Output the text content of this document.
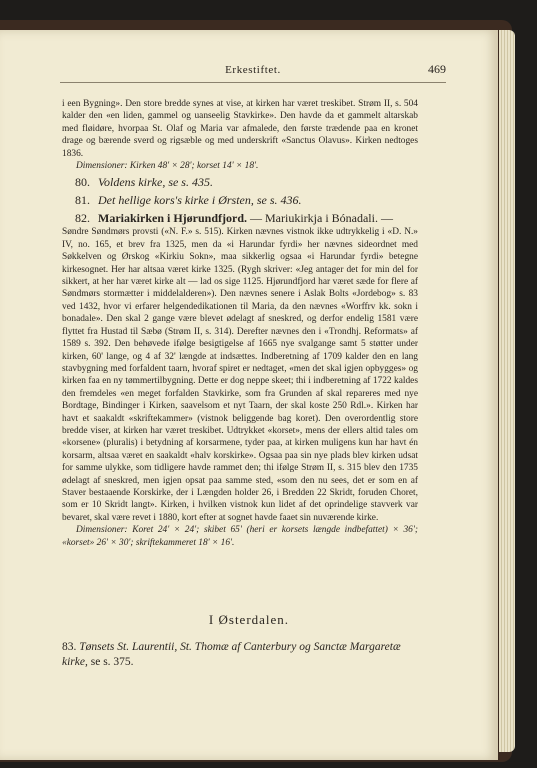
Erkestiftet.	469

i een Bygning». Den store bredde synes at vise, at kirken har været treskibet. Strøm II, s. 504 kalder den «en liden, gammel og uanseelig Stavkirke». Den havde da et gammelt altarskab med fløidøre, hvorpaa St. Olaf og Maria var afmalede, den første trædende paa en kronet drage og bærende sverd og rigsæble og med underskrift «Sanctus Olavus». Kirken nedtoges 1836.

Dimensioner: Kirken 48' × 28'; korset 14' × 18'.

80. Voldens kirke, se s. 435.
81. Det hellige kors's kirke i Ørsten, se s. 436.
82. Mariakirken i Hjørundfjord. — Mariukirkja i Bónadali. —

Søndre Søndmørs provsti («N. F.» s. 515). Kirken nævnes vistnok ikke udtrykkelig i «D. N.» IV, no. 165, et brev fra 1325, men da «i Harundar fyrdi» her nævnes sideordnet med Søkkelven og Ørskog «Kirkiu Sokn», maa sikkerlig ogsaa «i Harundar fyrdi» betegne kirkesognet. Her har altsaa været kirke 1325. (Rygh skriver: «Jeg antager det for min del for sikkert, at her har været kirke alt — lad os sige 1125. Hjørundfjord har været sæde for flere af Søndmørs stormætter i middelalderen»). Den nævnes senere i Aslak Bolts «Jordebog» s. 83 ved 1432, hvor vi erfarer helgendedikationen til Maria, da den nævnes «Worffrv kk. sokn i bonadale». Den skal 2 gange være blevet ødelagt af sneskred, og derfor endelig 1581 være flyttet fra Hustad til Sæbø (Strøm II, s. 314). Derefter nævnes den i «Trondhj. Reformats» af 1589 s. 392. Den behøvede ifølge besigtigelse af 1665 nye svalgange samt 5 støtter under kirken, 60' lange, og 4 af 32' længde at indsættes. Indberetning af 1709 kalder den en lang stavbygning med forfaldent taarn, hvoraf spiret er nedtaget, «men det skal igjen opbygges» og kirken faa en ny tømmertilbygning. Dette er dog neppe skeet; thi i indberetning af 1722 kaldes den fremdeles «en meget forfalden Stavkirke, som fra Grunden af skal repareres med nye Bordtage, Bindinger i Kirken, saavelsom et nyt Taarn, der skal koste 250 Rdl.». Kirken har havt et saakaldt «skriftekammer» (vistnok beliggende bag koret). Den overordentlig store bredde viser, at kirken har været treskibet. Udtrykket «korset», mens der ellers altid tales om «korsene» (pluralis) i betydning af korsarmene, tyder paa, at kirken muligens kun har havt én korsarm, altsaa været en saakaldt «halv korskirke». Ogsaa paa sin nye plads blev kirken udsat for samme ulykke, som tidligere havde rammet den; thi ifølge Strøm II, s. 315 blev den 1735 ødelagt af sneskred, men igjen opsat paa samme sted, «som den nu sees, det er som en af Staver bestaaende Korskirke, der i Længden holder 26, i Bredden 22 Skridt, foruden Choret, som er 10 Skridt langt». Kirken, i hvilken vistnok kun lidet af det oprindelige stavverk var bevaret, skal være revet i 1880, kort efter at sognet havde faaet sin nuværende kirke.

Dimensioner: Koret 24' × 24'; skibet 65' (heri er korsets længde indbefattet) × 36'; «korset» 26' × 30'; skriftekammeret 18' × 16'.

I Østerdalen.
83. Tønsets St. Laurentii, St. Thomæ af Canterbury og Sanctæ Margaretæ kirke, se s. 375.
